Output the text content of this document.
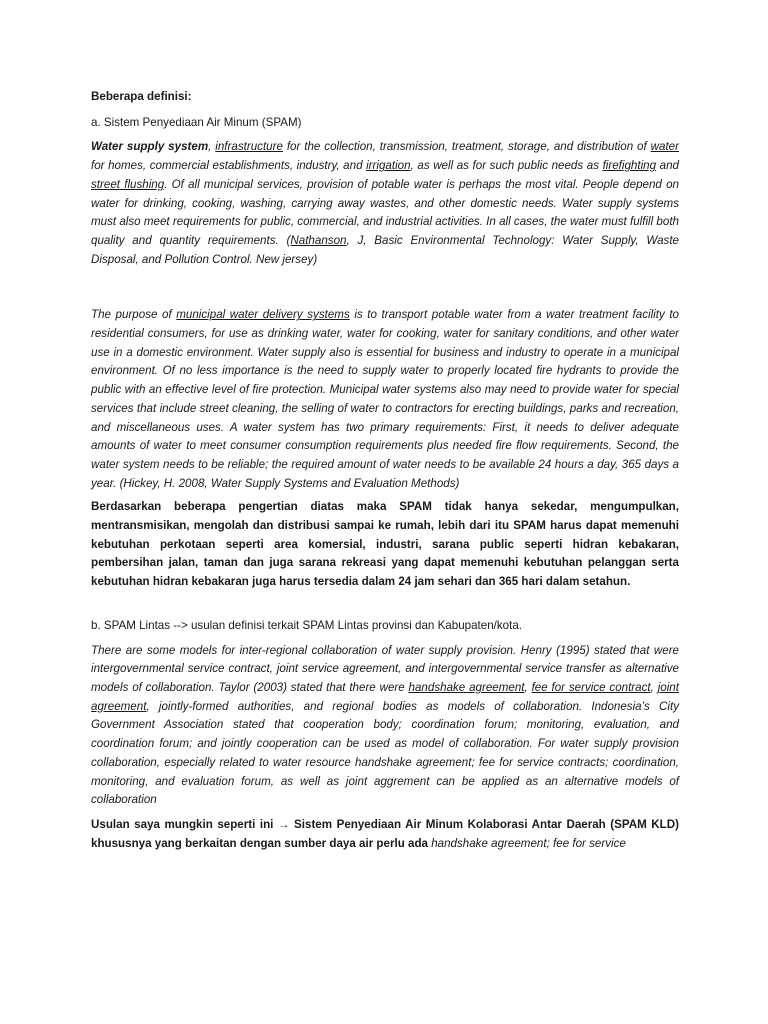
Beberapa definisi:

a. Sistem Penyediaan Air Minum (SPAM)

Water supply system, infrastructure for the collection, transmission, treatment, storage, and distribution of water for homes, commercial establishments, industry, and irrigation, as well as for such public needs as firefighting and street flushing. Of all municipal services, provision of potable water is perhaps the most vital. People depend on water for drinking, cooking, washing, carrying away wastes, and other domestic needs. Water supply systems must also meet requirements for public, commercial, and industrial activities. In all cases, the water must fulfill both quality and quantity requirements. (Nathanson, J, Basic Environmental Technology: Water Supply, Waste Disposal, and Pollution Control. New jersey)

The purpose of municipal water delivery systems is to transport potable water from a water treatment facility to residential consumers, for use as drinking water, water for cooking, water for sanitary conditions, and other water use in a domestic environment. Water supply also is essential for business and industry to operate in a municipal environment. Of no less importance is the need to supply water to properly located fire hydrants to provide the public with an effective level of fire protection. Municipal water systems also may need to provide water for special services that include street cleaning, the selling of water to contractors for erecting buildings, parks and recreation, and miscellaneous uses. A water system has two primary requirements: First, it needs to deliver adequate amounts of water to meet consumer consumption requirements plus needed fire flow requirements. Second, the water system needs to be reliable; the required amount of water needs to be available 24 hours a day, 365 days a year. (Hickey, H. 2008, Water Supply Systems and Evaluation Methods)

Berdasarkan beberapa pengertian diatas maka SPAM tidak hanya sekedar, mengumpulkan, mentransmisikan, mengolah dan distribusi sampai ke rumah, lebih dari itu SPAM harus dapat memenuhi kebutuhan perkotaan seperti area komersial, industri, sarana public seperti hidran kebakaran, pembersihan jalan, taman dan juga sarana rekreasi yang dapat memenuhi kebutuhan pelanggan serta kebutuhan hidran kebakaran juga harus tersedia dalam 24 jam sehari dan 365 hari dalam setahun.

b. SPAM Lintas --> usulan definisi terkait SPAM Lintas provinsi dan Kabupaten/kota.

There are some models for inter-regional collaboration of water supply provision. Henry (1995) stated that were intergovernmental service contract, joint service agreement, and intergovernmental service transfer as alternative models of collaboration. Taylor (2003) stated that there were handshake agreement, fee for service contract, joint agreement, jointly-formed authorities, and regional bodies as models of collaboration. Indonesia’s City Government Association stated that cooperation body; coordination forum; monitoring, evaluation, and coordination forum; and jointly cooperation can be used as model of collaboration. For water supply provision collaboration, especially related to water resource handshake agreement; fee for service contracts; coordination, monitoring, and evaluation forum, as well as joint aggrement can be applied as an alternative models of collaboration

Usulan saya mungkin seperti ini → Sistem Penyediaan Air Minum Kolaborasi Antar Daerah (SPAM KLD) khususnya yang berkaitan dengan sumber daya air perlu ada handshake agreement; fee for service
